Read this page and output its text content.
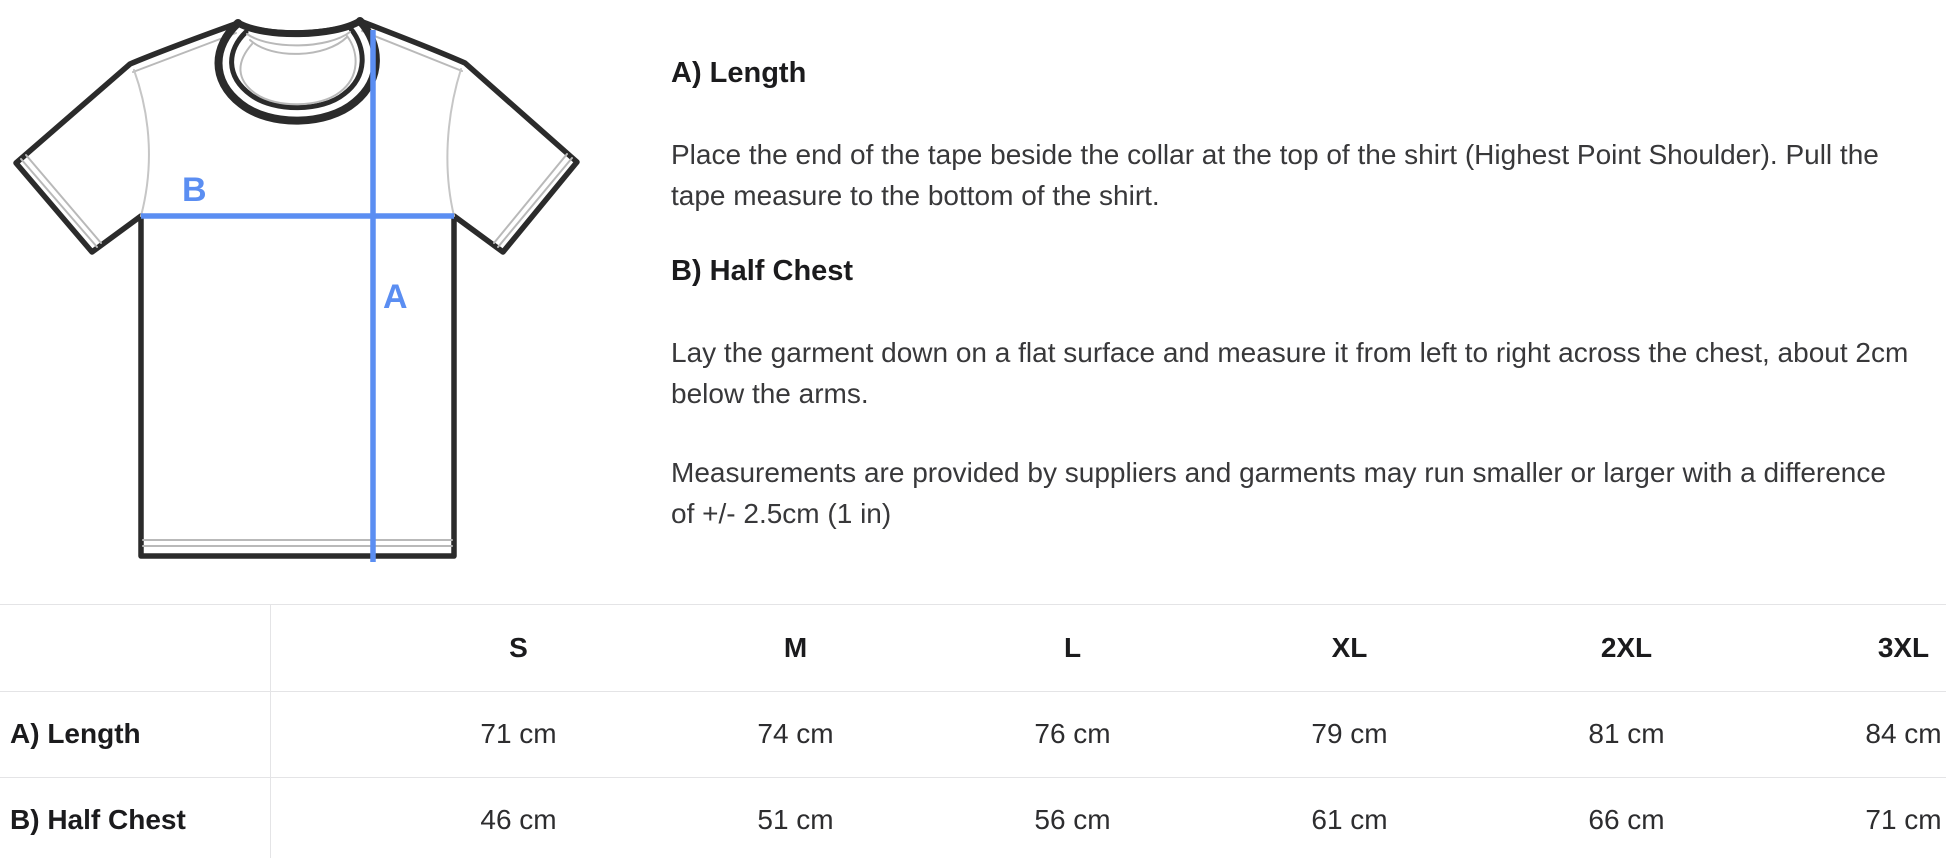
B
A
A) Length

Place the end of the tape beside the collar at the top of the shirt (Highest Point Shoulder). Pull the tape measure to the bottom of the shirt.

B) Half Chest

Lay the garment down on a flat surface and measure it from left to right across the chest, about 2cm below the arms.

Measurements are provided by suppliers and garments may run smaller or larger with a difference of +/- 2.5cm (1 in)

	S	M	L	XL	2XL	3XL
A) Length	71 cm	74 cm	76 cm	79 cm	81 cm	84 cm
B) Half Chest	46 cm	51 cm	56 cm	61 cm	66 cm	71 cm
